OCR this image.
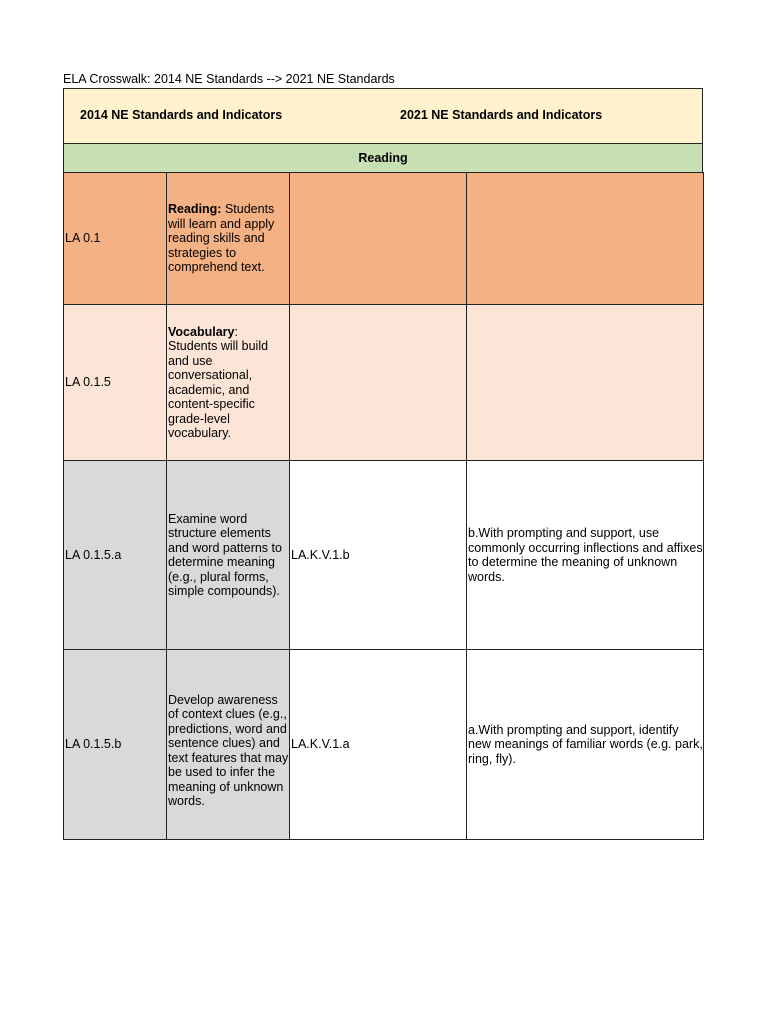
ELA Crosswalk: 2014 NE Standards --> 2021 NE Standards
2014 NE Standards and Indicators	2021 NE Standards and Indicators
Reading
LA 0.1	Reading: Students will learn and apply reading skills and strategies to comprehend text.		
LA 0.1.5	Vocabulary: Students will build and use conversational, academic, and content-specific grade-level vocabulary.		
LA 0.1.5.a	Examine word structure elements and word patterns to determine meaning (e.g., plural forms, simple compounds).	LA.K.V.1.b	b.With prompting and support, use commonly occurring inflections and affixes to determine the meaning of unknown words.
LA 0.1.5.b	Develop awareness of context clues (e.g., predictions, word and sentence clues) and text features that may be used to infer the meaning of unknown words.	LA.K.V.1.a	a.With prompting and support, identify new meanings of familiar words (e.g. park, ring, fly).
